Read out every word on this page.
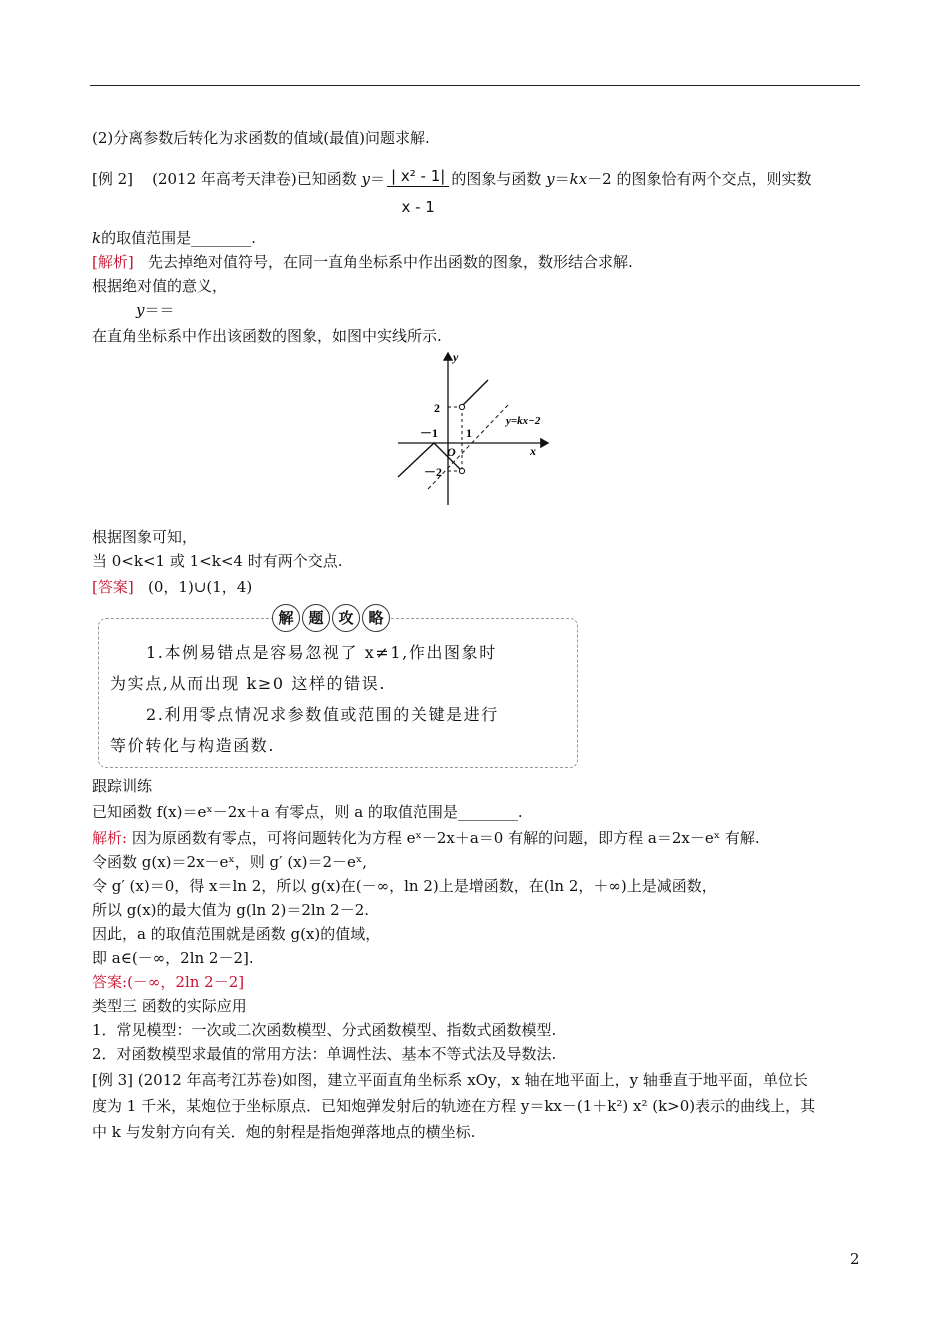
(2)分离参数后转化为求函数的值域(最值)问题求解.
[例 2] (2012 年高考天津卷)已知函数 $y= \frac{\text{| x² - 1|}}{x - 1}$ 的图象与函数 y＝kx－2 的图象恰有两个交点，则实数
k的取值范围是________.
[解析] 先去掉绝对值符号，在同一直角坐标系中作出函数的图象，数形结合求解.
根据绝对值的意义，
y＝＝
在直角坐标系中作出该函数的图象，如图中实线所示.
y
x
O
2
－1 1
－2
y=kx−2
根据图象可知，
当 0<k<1 或 1<k<4 时有两个交点.
[答案] (0，1)∪(1，4)
解 题 攻 略
1.本例易错点是容易忽视了 x≠1,作出图象时
为实点,从而出现 k≥0 这样的错误.
2.利用零点情况求参数值或范围的关键是进行
等价转化与构造函数.
跟踪训练
已知函数 f(x)＝eˣ－2x＋a 有零点，则 a 的取值范围是________.
解析: 因为原函数有零点，可将问题转化为方程 eˣ－2x＋a＝0 有解的问题，即方程 a＝2x－eˣ 有解.
令函数 g(x)＝2x－eˣ，则 g′ (x)＝2－eˣ,
令 g′ (x)＝0，得 x＝ln 2，所以 g(x)在(－∞，ln 2)上是增函数，在(ln 2，＋∞)上是减函数，
所以 g(x)的最大值为 g(ln 2)＝2ln 2－2.
因此，a 的取值范围就是函数 g(x)的值域，
即 a∈(－∞，2ln 2－2].
答案:(－∞，2ln 2－2]
类型三 函数的实际应用
1．常见模型：一次或二次函数模型、分式函数模型、指数式函数模型.
2．对函数模型求最值的常用方法：单调性法、基本不等式法及导数法.
[例 3] (2012 年高考江苏卷)如图，建立平面直角坐标系 xOy，x 轴在地平面上，y 轴垂直于地平面，单位长
度为 1 千米，某炮位于坐标原点．已知炮弹发射后的轨迹在方程 y＝kx－(1＋k²) x² (k>0)表示的曲线上，其
中 k 与发射方向有关．炮的射程是指炮弹落地点的横坐标.
2
